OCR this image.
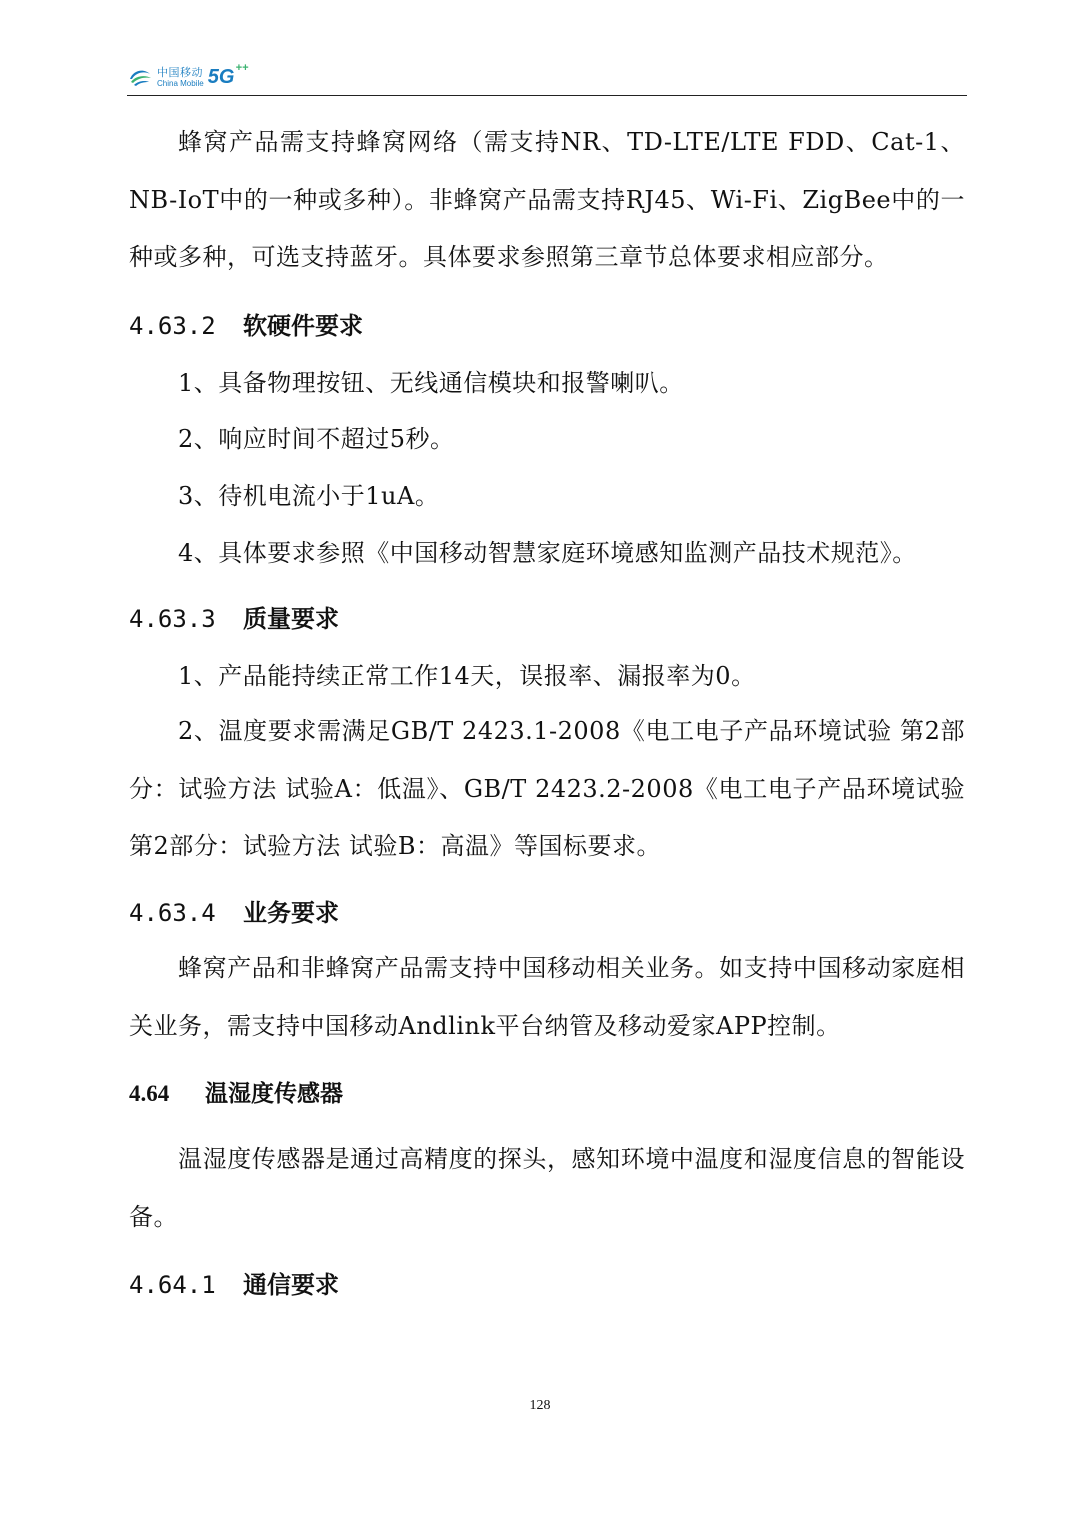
中国移动
China Mobile 5G ++

蜂窝产品需支持蜂窝网络（需支持NR、TD-LTE/LTE FDD、Cat-1、NB-IoT中的一种或多种）。非蜂窝产品需支持RJ45、Wi-Fi、ZigBee中的一种或多种，可选支持蓝牙。具体要求参照第三章节总体要求相应部分。

4.63.2 软硬件要求
1、具备物理按钮、无线通信模块和报警喇叭。
2、响应时间不超过5秒。
3、待机电流小于1uA。
4、具体要求参照《中国移动智慧家庭环境感知监测产品技术规范》。
4.63.3 质量要求
1、产品能持续正常工作14天，误报率、漏报率为0。

2、温度要求需满足GB/T 2423.1-2008《电工电子产品环境试验 第2部分：试验方法 试验A：低温》、GB/T 2423.2-2008《电工电子产品环境试验 第2部分：试验方法 试验B：高温》等国标要求。

4.63.4 业务要求

蜂窝产品和非蜂窝产品需支持中国移动相关业务。如支持中国移动家庭相关业务，需支持中国移动Andlink平台纳管及移动爱家APP控制。

4.64 温湿度传感器

温湿度传感器是通过高精度的探头，感知环境中温度和湿度信息的智能设备。

4.64.1 通信要求
128
